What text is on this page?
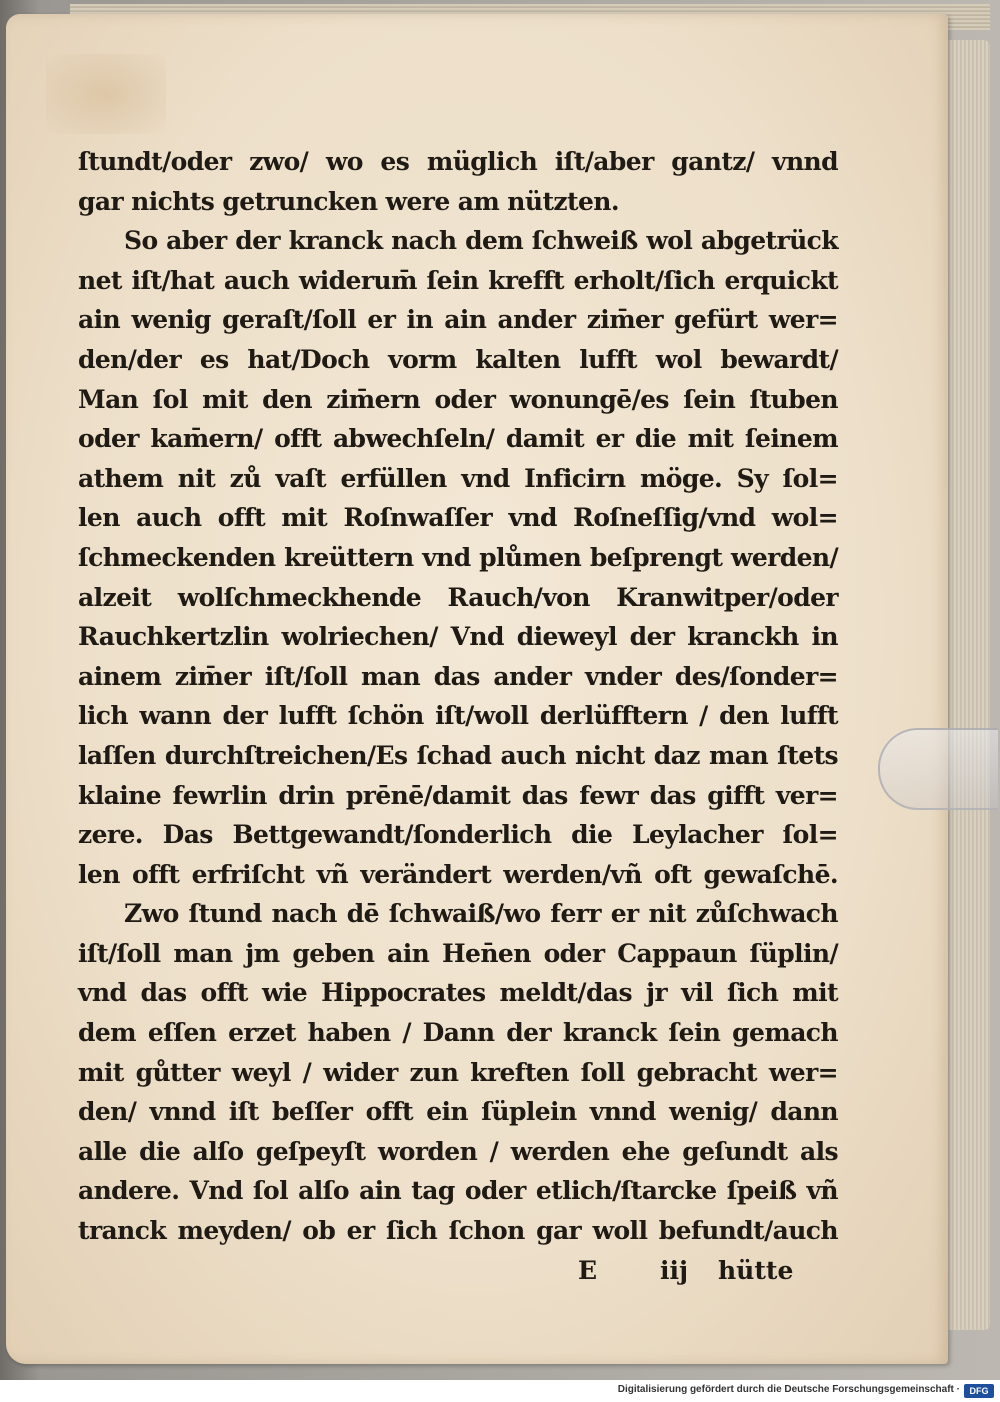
ſtundt/oder zwo/ wo es müglich iſt/aber gantz/ vnnd
gar nichts getruncken were am nützten.
So aber der kranck nach dem ſchweiß wol abgetrück
net iſt/hat auch widerum̄ ſein krefft erholt/ſich erquickt
ain wenig geraſt/ſoll er in ain ander zim̄er gefürt wer=
den/der es hat/Doch vorm kalten lufft wol bewardt/
Man ſol mit den zim̄ern oder wonungē/es ſein ſtuben
oder kam̄ern/ offt abwechſeln/ damit er die mit ſeinem
athem nit zů vaſt erfüllen vnd Inficirn möge. Sy ſol=
len auch offt mit Roſnwaſſer vnd Roſneſſig/vnd wol=
ſchmeckenden kreüttern vnd plůmen beſprengt werden/
alzeit wolſchmeckhende Rauch/von Kranwitper/oder
Rauchkertzlin wolriechen/ Vnd dieweyl der kranckh in
ainem zim̄er iſt/ſoll man das ander vnder des/ſonder=
lich wann der lufft ſchön iſt/woll derlüfftern / den lufft
laſſen durchſtreichen/Es ſchad auch nicht daz man ſtets
klaine fewrlin drin prēnē/damit das fewr das gifft ver=
zere. Das Bettgewandt/ſonderlich die Leylacher ſol=
len offt erfriſcht vñ verändert werden/vñ oft gewaſchē.
Zwo ſtund nach dē ſchwaiß/wo ferr er nit zůſchwach
iſt/ſoll man jm geben ain Hen̄en oder Cappaun ſüplin/
vnd das offt wie Hippocrates meldt/das jr vil ſich mit
dem eſſen erzet haben / Dann der kranck ſein gemach
mit gůtter weyl / wider zun kreften ſoll gebracht wer=
den/ vnnd iſt beſſer offt ein ſüplein vnnd wenig/ dann
alle die alſo geſpeyſt worden / werden ehe geſundt als
andere. Vnd ſol alſo ain tag oder etlich/ſtarcke ſpeiß vñ
tranck meyden/ ob er ſich ſchon gar woll befundt/auch
E	iij hütte
Digitalisierung gefördert durch die Deutsche Forschungsgemeinschaft ·	DFG
